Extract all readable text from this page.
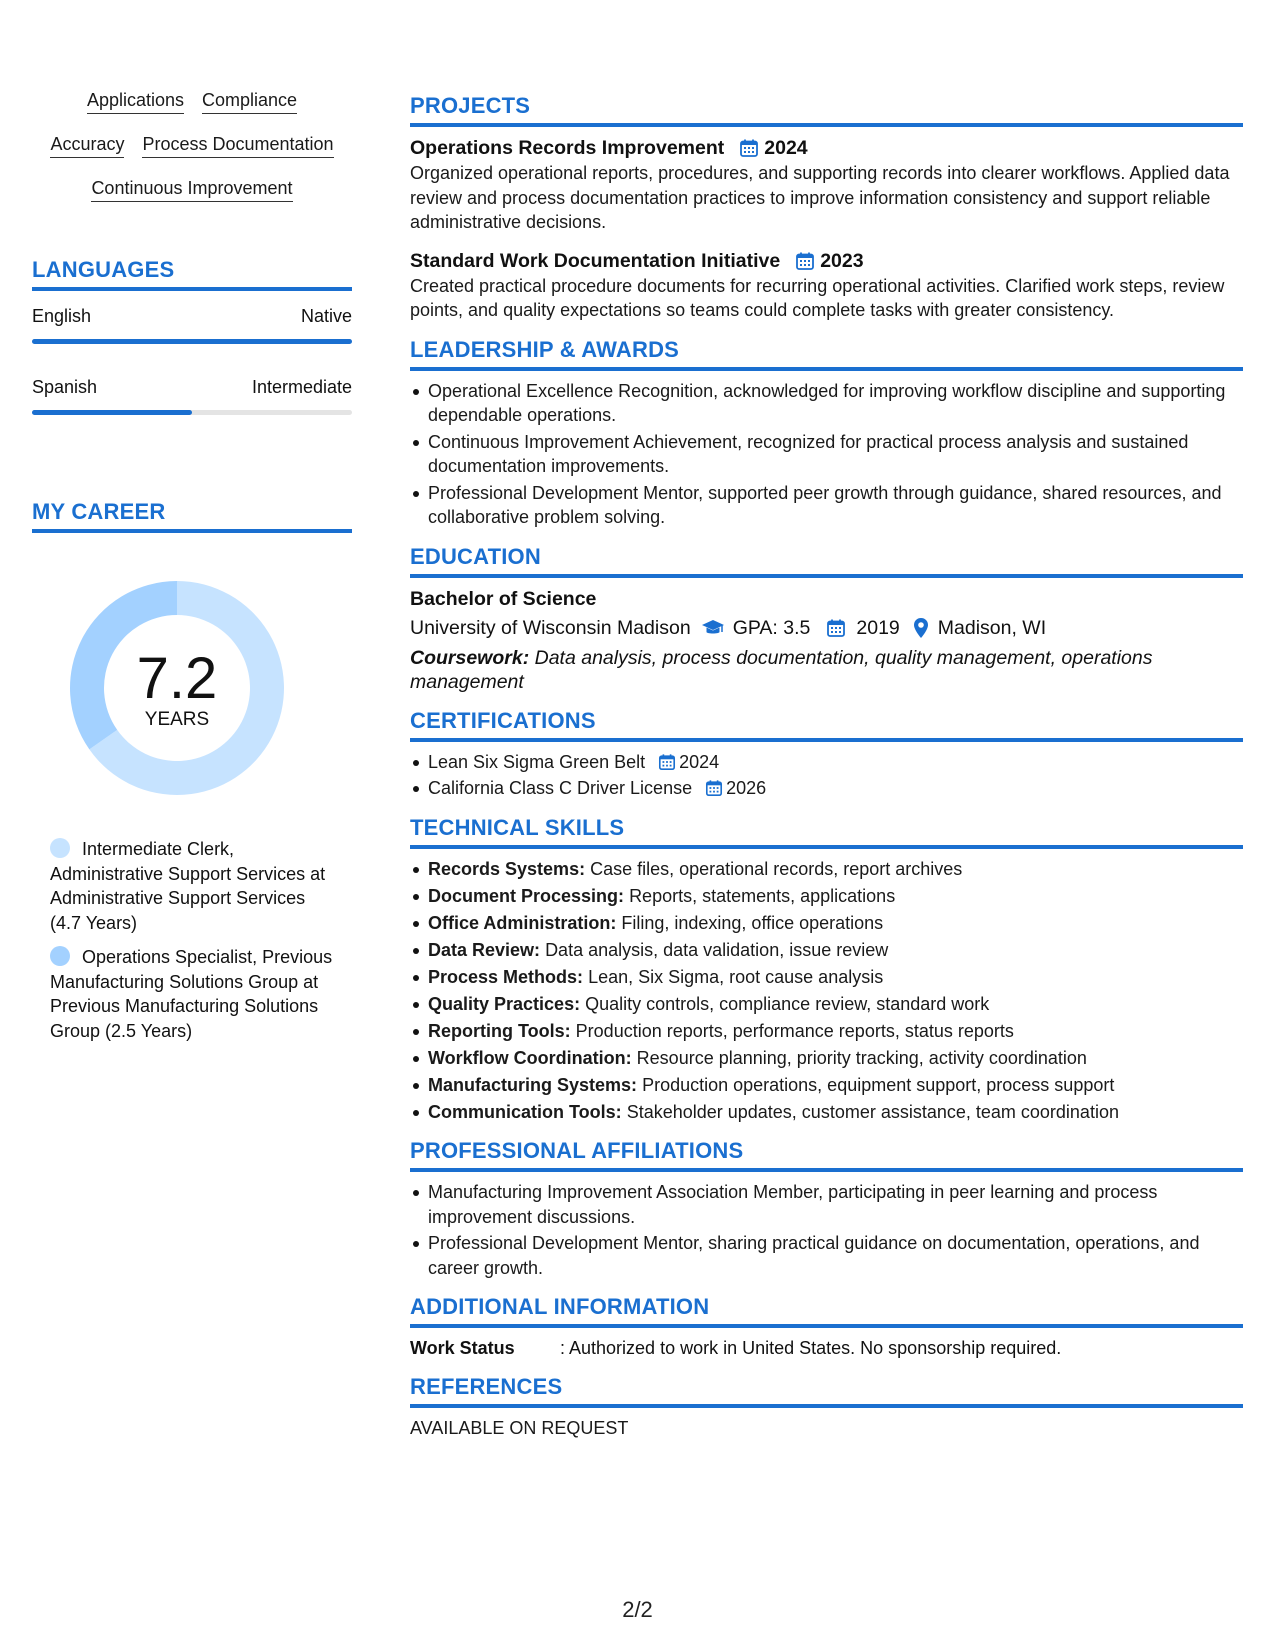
Applications Compliance
Accuracy Process Documentation
Continuous Improvement
LANGUAGES
English	Native
Spanish	Intermediate
MY CAREER
7.2
YEARS
Intermediate Clerk, Administrative Support Services at Administrative Support Services (4.7 Years)
Operations Specialist, Previous Manufacturing Solutions Group at Previous Manufacturing Solutions Group (2.5 Years)
PROJECTS
Operations Records Improvement 2024
Organized operational reports, procedures, and supporting records into clearer workflows. Applied data review and process documentation practices to improve information consistency and support reliable administrative decisions.
Standard Work Documentation Initiative 2023
Created practical procedure documents for recurring operational activities. Clarified work steps, review points, and quality expectations so teams could complete tasks with greater consistency.
LEADERSHIP & AWARDS
Operational Excellence Recognition, acknowledged for improving workflow discipline and supporting dependable operations.
Continuous Improvement Achievement, recognized for practical process analysis and sustained documentation improvements.
Professional Development Mentor, supported peer growth through guidance, shared resources, and collaborative problem solving.
EDUCATION
Bachelor of Science
University of Wisconsin Madison GPA: 3.5 2019 Madison, WI
Coursework: Data analysis, process documentation, quality management, operations management
CERTIFICATIONS
Lean Six Sigma Green Belt 2024
California Class C Driver License 2026
TECHNICAL SKILLS
Records Systems: Case files, operational records, report archives
Document Processing: Reports, statements, applications
Office Administration: Filing, indexing, office operations
Data Review: Data analysis, data validation, issue review
Process Methods: Lean, Six Sigma, root cause analysis
Quality Practices: Quality controls, compliance review, standard work
Reporting Tools: Production reports, performance reports, status reports
Workflow Coordination: Resource planning, priority tracking, activity coordination
Manufacturing Systems: Production operations, equipment support, process support
Communication Tools: Stakeholder updates, customer assistance, team coordination
PROFESSIONAL AFFILIATIONS
Manufacturing Improvement Association Member, participating in peer learning and process improvement discussions.
Professional Development Mentor, sharing practical guidance on documentation, operations, and career growth.
ADDITIONAL INFORMATION
Work Status	: Authorized to work in United States. No sponsorship required.
REFERENCES
AVAILABLE ON REQUEST
2/2
